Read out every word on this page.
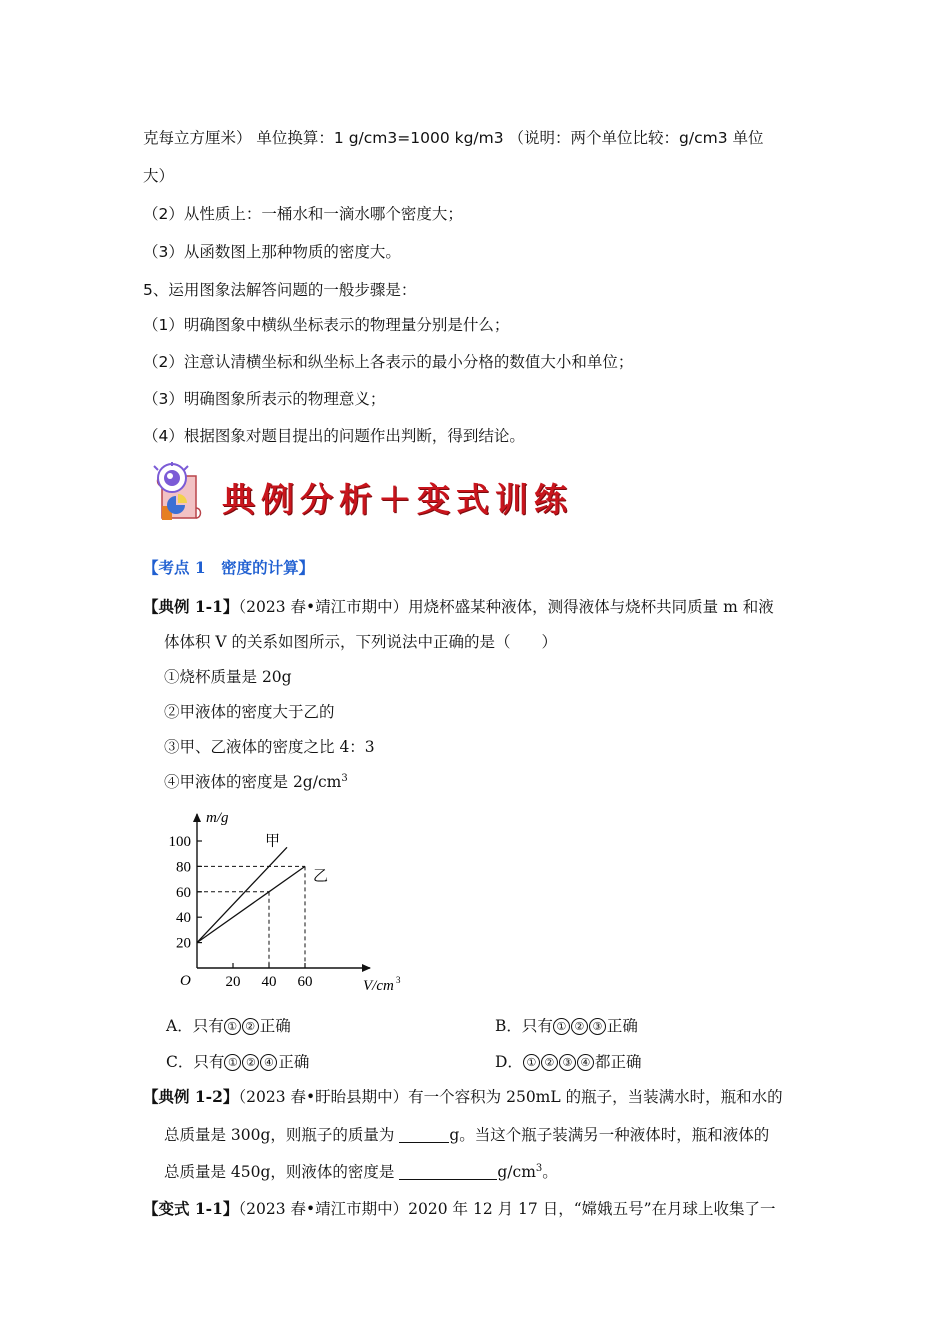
克每立方厘米） 单位换算：1 g/cm3=1000 kg/m3 （说明：两个单位比较：g/cm3 单位
大）
（2）从性质上：一桶水和一滴水哪个密度大；
（3）从函数图上那种物质的密度大。
5、运用图象法解答问题的一般步骤是：
（1）明确图象中横纵坐标表示的物理量分别是什么；
（2）注意认清横坐标和纵坐标上各表示的最小分格的数值大小和单位；
（3）明确图象所表示的物理意义；
（4）根据图象对题目提出的问题作出判断，得到结论。
典例分析＋变式训练
【考点 1　密度的计算】
【典例 1-1】（2023 春•靖江市期中）用烧杯盛某种液体，测得液体与烧杯共同质量 m 和液
体体积 V 的关系如图所示，下列说法中正确的是（　　）
①烧杯质量是 20g
②甲液体的密度大于乙的
③甲、乙液体的密度之比 4：3
④甲液体的密度是 $2g/cm^3$
20 40 60
20
40
60
80
100	甲
乙
m/g
V/cm 3
O
A．只有 ① ② 正确	B．只有 ① ② ③ 正确
C．只有 ① ② ④ 正确	D． ① ② ③ ④ 都正确
【典例 1-2】（2023 春•盱眙县期中）有一个容积为 250mL 的瓶子，当装满水时，瓶和水的
总质量是 300g，则瓶子的质量为	g。当这个瓶子装满另一种液体时，瓶和液体的
总质量是 450g，则液体的密度是	$g/cm^3$。
【变式 1-1】（2023 春•靖江市期中）2020 年 12 月 17 日，“嫦娥五号”在月球上收集了一
